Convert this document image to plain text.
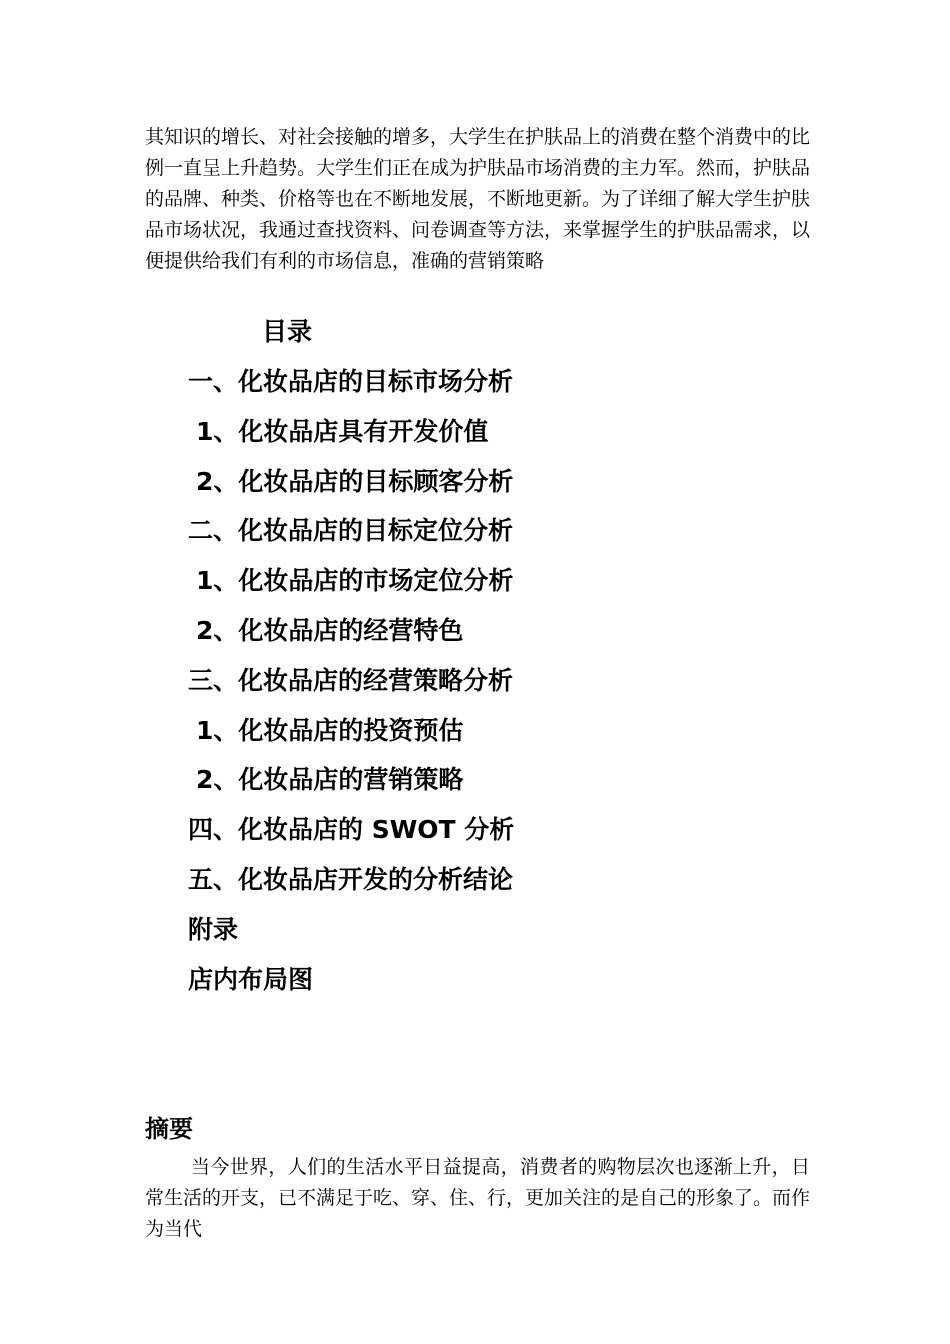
其知识的增长、对社会接触的增多，大学生在护肤品上的消费在整个消费中的比例一直呈上升趋势。大学生们正在成为护肤品市场消费的主力军。然而，护肤品的品牌、种类、价格等也在不断地发展，不断地更新。为了详细了解大学生护肤品市场状况，我通过查找资料、问卷调查等方法，来掌握学生的护肤品需求，以便提供给我们有利的市场信息，准确的营销策略

目录
一、化妆品店的目标市场分析
1、化妆品店具有开发价值
2、化妆品店的目标顾客分析
二、化妆品店的目标定位分析
1、化妆品店的市场定位分析
2、化妆品店的经营特色
三、化妆品店的经营策略分析
1、化妆品店的投资预估
2、化妆品店的营销策略
四、化妆品店的 SWOT 分析
五、化妆品店开发的分析结论
附录
店内布局图
摘要

当今世界，人们的生活水平日益提高，消费者的购物层次也逐渐上升，日常生活的开支，已不满足于吃、穿、住、行，更加关注的是自己的形象了。而作为当代
